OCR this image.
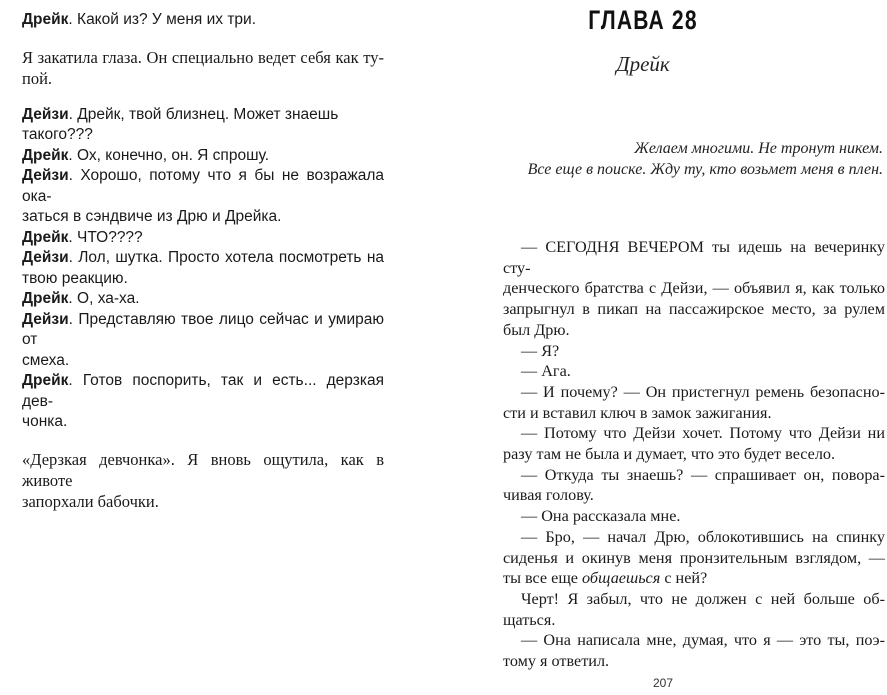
Дрейк. Какой из? У меня их три.

Я закатила глаза. Он специально ведет себя как ту-
пой.

Дейзи. Дрейк, твой близнец. Может знаешь такого???

Дрейк. Ох, конечно, он. Я спрошу.

Дейзи. Хорошо, потому что я бы не возражала ока-
заться в сэндвиче из Дрю и Дрейка.

Дрейк. ЧТО????

Дейзи. Лол, шутка. Просто хотела посмотреть на
твою реакцию.

Дрейк. О, ха-ха.

Дейзи. Представляю твое лицо сейчас и умираю от
смеха.

Дрейк. Готов поспорить, так и есть... дерзкая дев-
чонка.

«Дерзкая девчонка». Я вновь ощутила, как в животе
запорхали бабочки.

ГЛАВА 28
Дрейк
Желаем многими. Не тронут никем.
Все еще в поиске. Жду ту, кто возьмет меня в плен.

— СЕГОДНЯ ВЕЧЕРОМ ты идешь на вечеринку сту-
денческого братства с Дейзи, — объявил я, как только
запрыгнул в пикап на пассажирское место, за рулем
был Дрю.

— Я?

— Ага.

— И почему? — Он пристегнул ремень безопасно-
сти и вставил ключ в замок зажигания.

— Потому что Дейзи хочет. Потому что Дейзи ни
разу там не была и думает, что это будет весело.

— Откуда ты знаешь? — спрашивает он, повора-
чивая голову.

— Она рассказала мне.

— Бро, — начал Дрю, облокотившись на спинку
сиденья и окинув меня пронзительным взглядом, —
ты все еще общаешься с ней?

Черт! Я забыл, что не должен с ней больше об-
щаться.

— Она написала мне, думая, что я — это ты, поэ-
тому я ответил.

207
